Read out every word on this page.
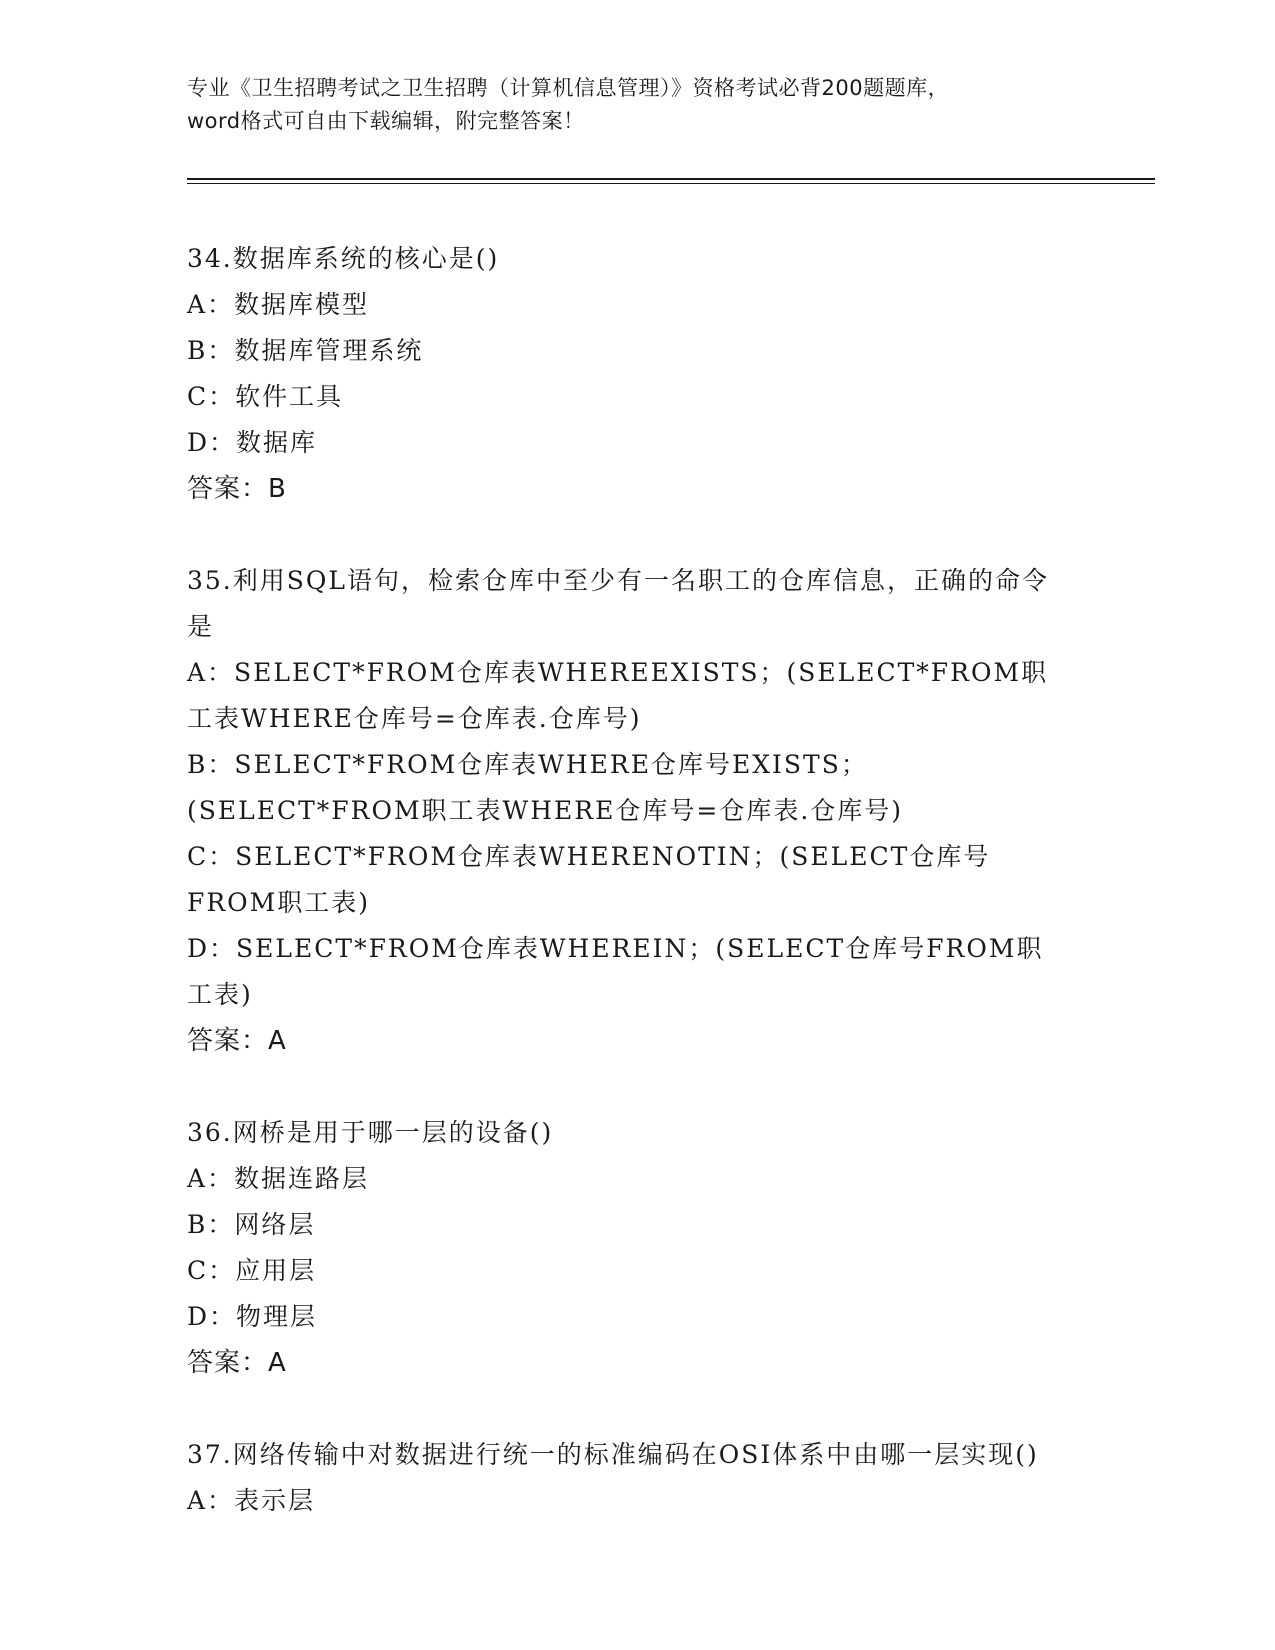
专业《卫生招聘考试之卫生招聘（计算机信息管理）》资格考试必背200题题库，
word格式可自由下载编辑，附完整答案！
34.数据库系统的核心是()
A：数据库模型
B：数据库管理系统
C：软件工具
D：数据库
答案：B
35.利用SQL语句，检索仓库中至少有一名职工的仓库信息，正确的命令是
A：SELECT*FROM仓库表WHEREEXISTS；(SELECT*FROM职工表WHERE仓库号=仓库表.仓库号)
B：SELECT*FROM仓库表WHERE仓库号EXISTS；(SELECT*FROM职工表WHERE仓库号=仓库表.仓库号)
C：SELECT*FROM仓库表WHERENOTIN；(SELECT仓库号FROM职工表)
D：SELECT*FROM仓库表WHEREIN；(SELECT仓库号FROM职工表)
答案：A
36.网桥是用于哪一层的设备()
A：数据连路层
B：网络层
C：应用层
D：物理层
答案：A
37.网络传输中对数据进行统一的标准编码在OSI体系中由哪一层实现()
A：表示层
